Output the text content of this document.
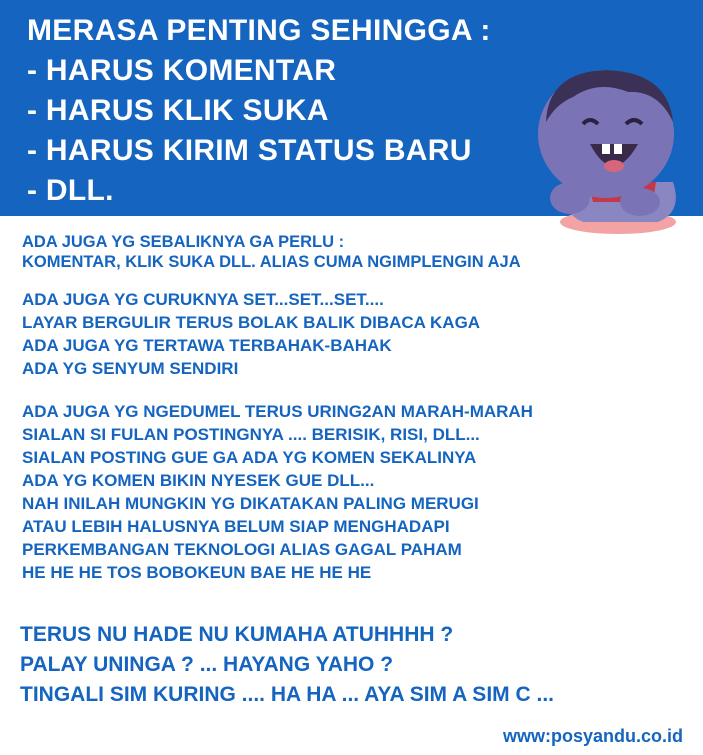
MERASA PENTING SEHINGGA :
- HARUS KOMENTAR
- HARUS KLIK SUKA
- HARUS KIRIM STATUS BARU
- DLL.
ADA JUGA YG SEBALIKNYA GA PERLU :
KOMENTAR, KLIK SUKA DLL. ALIAS CUMA NGIMPLENGIN AJA
ADA JUGA YG CURUKNYA SET...SET...SET....
LAYAR BERGULIR TERUS BOLAK BALIK DIBACA KAGA
ADA JUGA YG TERTAWA TERBAHAK-BAHAK
ADA YG SENYUM SENDIRI
ADA JUGA YG NGEDUMEL TERUS URING2AN MARAH-MARAH
SIALAN SI FULAN POSTINGNYA .... BERISIK, RISI, DLL...
SIALAN POSTING GUE GA ADA YG KOMEN SEKALINYA
ADA YG KOMEN BIKIN NYESEK GUE DLL...
NAH INILAH MUNGKIN YG DIKATAKAN PALING MERUGI
ATAU LEBIH HALUSNYA BELUM SIAP MENGHADAPI
PERKEMBANGAN TEKNOLOGI ALIAS GAGAL PAHAM
HE HE HE TOS BOBOKEUN BAE HE HE HE
TERUS NU HADE NU KUMAHA ATUHHHH ?
PALAY UNINGA ? ... HAYANG YAHO ?
TINGALI SIM KURING .... HA HA ... AYA SIM A SIM C ...
www:posyandu.co.id
